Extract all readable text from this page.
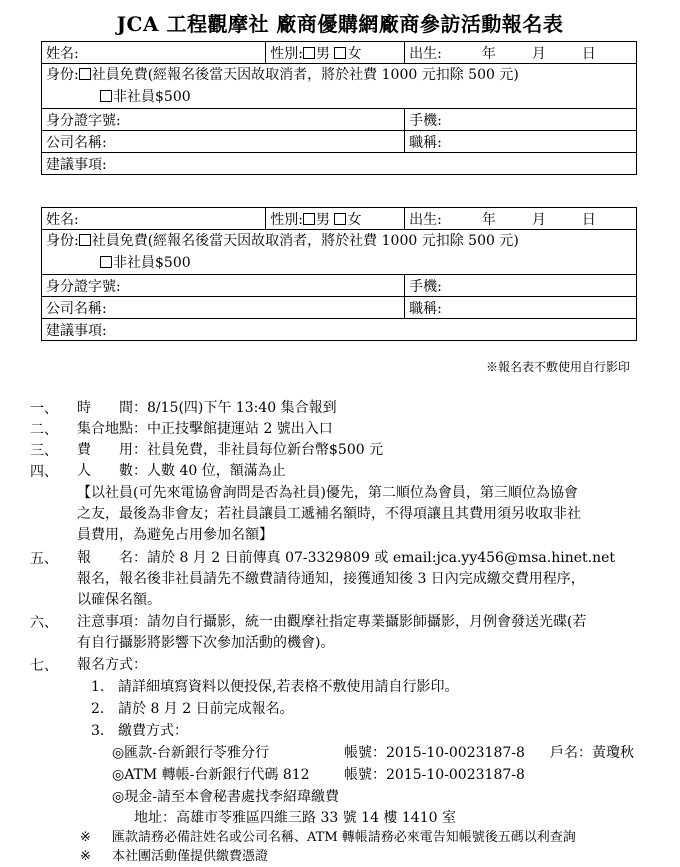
JCA 工程觀摩社 廠商優購網廠商參訪活動報名表
姓名:	性別: 男 女	出生: 年 月 日
身份: 社員免費(經報名後當天因故取消者，將於社費 1000 元扣除 500 元)
非社員$500		
身分證字號:		手機:
公司名稱:		職稱:
建議事項:		
姓名:	性別: 男 女	出生: 年 月 日
身份: 社員免費(經報名後當天因故取消者，將於社費 1000 元扣除 500 元)
非社員$500		
身分證字號:		手機:
公司名稱:		職稱:
建議事項:		
※報名表不敷使用自行影印
一、	時　　間：8/15(四)下午 13:40 集合報到
二、	集合地點：中正技擊館捷運站 2 號出入口
三、	費　　用：社員免費，非社員每位新台幣$500 元
四、	人　　數：人數 40 位，額滿為止
【以社員(可先來電協會詢問是否為社員)優先，第二順位為會員，第三順位為協會
之友，最後為非會友；若社員讓員工遞補名額時，不得項讓且其費用須另收取非社
員費用，為避免占用參加名額】
五、	報　　名：請於 8 月 2 日前傳真 07-3329809 或 email:jca.yy456@msa.hinet.net
報名，報名後非社員請先不繳費請待通知，接獲通知後 3 日內完成繳交費用程序，
以確保名額。
六、	注意事項：請勿自行攝影，統一由觀摩社指定專業攝影師攝影，月例會發送光碟(若
有自行攝影將影響下次參加活動的機會)。
七、	報名方式：
1. 請詳細填寫資料以便投保,若表格不敷使用請自行影印。
2. 請於 8 月 2 日前完成報名。
3. 繳費方式：
◎匯款-台新銀行苓雅分行	帳號：2015-10-0023187-8 戶名：黃瓊秋
◎ATM 轉帳-台新銀行代碼 812 帳號：2015-10-0023187-8
◎現金-請至本會秘書處找李紹瑋繳費
地址：高雄市苓雅區四維三路 33 號 14 樓 1410 室
※ 匯款請務必備註姓名或公司名稱、ATM 轉帳請務必來電告知帳號後五碼以利查詢
※ 本社團活動僅提供繳費憑證
